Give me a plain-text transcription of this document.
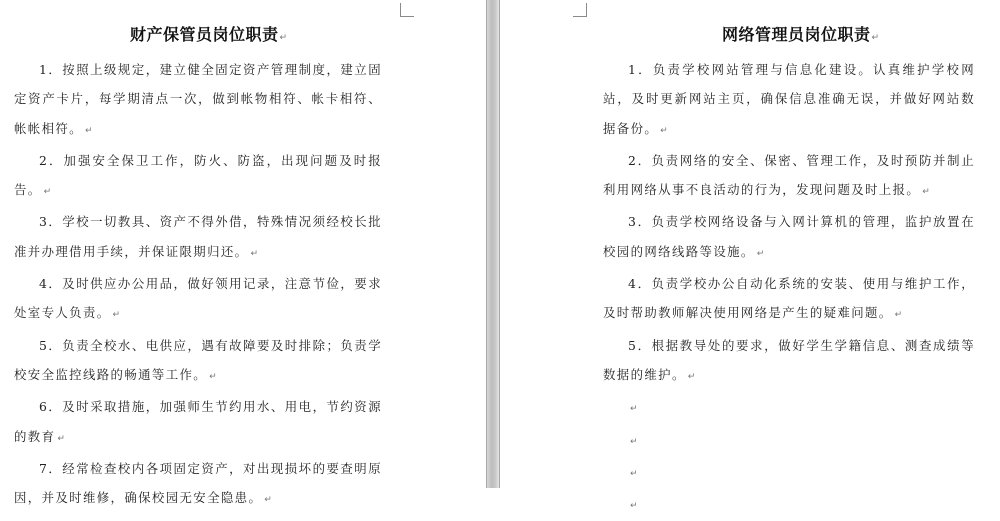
财产保管员岗位职责↵

1．按照上级规定，建立健全固定资产管理制度，建立固定资产卡片，每学期清点一次，做到帐物相符、帐卡相符、帐帐相符。 ↵

2．加强安全保卫工作，防火、防盗，出现问题及时报告。 ↵

3．学校一切教具、资产不得外借，特殊情况须经校长批准并办理借用手续，并保证限期归还。 ↵

4．及时供应办公用品，做好领用记录，注意节俭，要求处室专人负责。 ↵

5．负责全校水、电供应，遇有故障要及时排除；负责学校安全监控线路的畅通等工作。 ↵

6．及时采取措施，加强师生节约用水、用电，节约资源的教育 ↵

7．经常检查校内各项固定资产，对出现损坏的要查明原因，并及时维修，确保校园无安全隐患。 ↵

网络管理员岗位职责↵

1．负责学校网站管理与信息化建设。认真维护学校网站，及时更新网站主页，确保信息准确无误，并做好网站数据备份。 ↵

2．负责网络的安全、保密、管理工作，及时预防并制止利用网络从事不良活动的行为，发现问题及时上报。 ↵

3．负责学校网络设备与入网计算机的管理，监护放置在校园的网络线路等设施。 ↵

4．负责学校办公自动化系统的安装、使用与维护工作，及时帮助教师解决使用网络是产生的疑难问题。 ↵

5．根据教导处的要求，做好学生学籍信息、测查成绩等数据的维护。 ↵

↵

↵

↵

↵
